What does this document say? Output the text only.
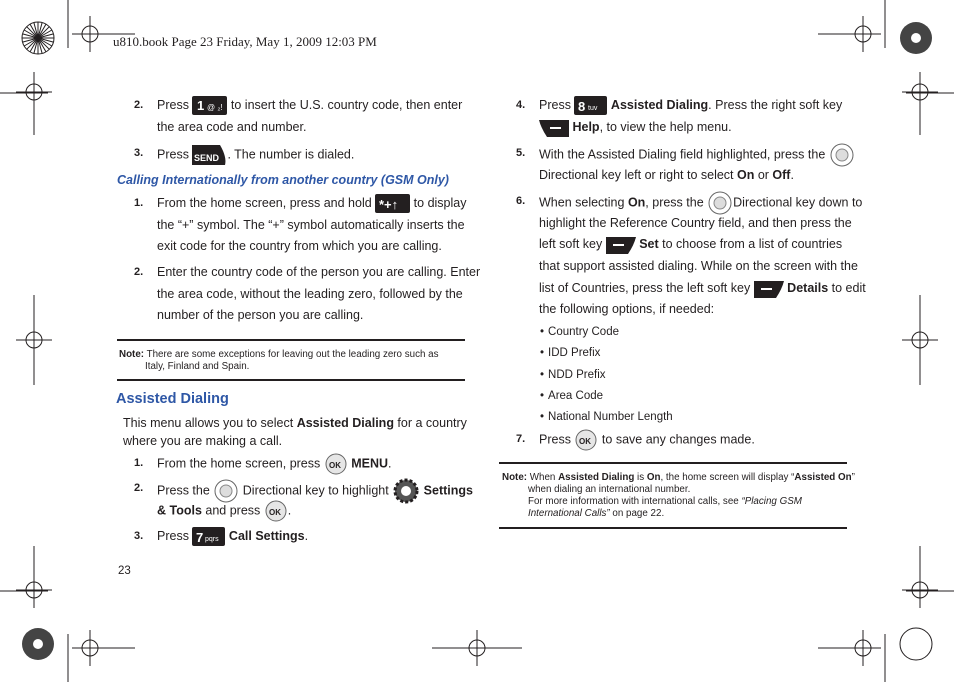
u810.book Page 23 Friday, May 1, 2009 12:03 PM
2. Press 1 @ ₂! to insert the U.S. country code, then enter
the area code and number.
3. Press SEND . The number is dialed.
Calling Internationally from another country (GSM Only)
1. From the home screen, press and hold *+↑ to display
the “+” symbol. The “+” symbol automatically inserts the
exit code for the country from which you are calling.
2. Enter the country code of the person you are calling. Enter
the area code, without the leading zero, followed by the
number of the person you are calling.
Note: There are some exceptions for leaving out the leading zero such as
Italy, Finland and Spain.
Assisted Dialing
This menu allows you to select Assisted Dialing for a country
where you are making a call.
1. From the home screen, press OK MENU.
2. Press the	Directional key to highlight	Settings
& Tools and press OK .
3. Press 7 pqrs Call Settings.
23
4. Press 8 tuv Assisted Dialing. Press the right soft key
Help, to view the help menu.
5. With the Assisted Dialing field highlighted, press the
Directional key left or right to select On or Off.
6. When selecting On, press the Directional key down to
highlight the Reference Country field, and then press the
left soft key	Set to choose from a list of countries
that support assisted dialing. While on the screen with the
list of Countries, press the left soft key	Details to edit
the following options, if needed:
• Country Code
• IDD Prefix
• NDD Prefix
• Area Code
• National Number Length
7. Press OK to save any changes made.
Note: When Assisted Dialing is On, the home screen will display “Assisted On”
when dialing an international number.
For more information with international calls, see “Placing GSM
International Calls” on page 22.
